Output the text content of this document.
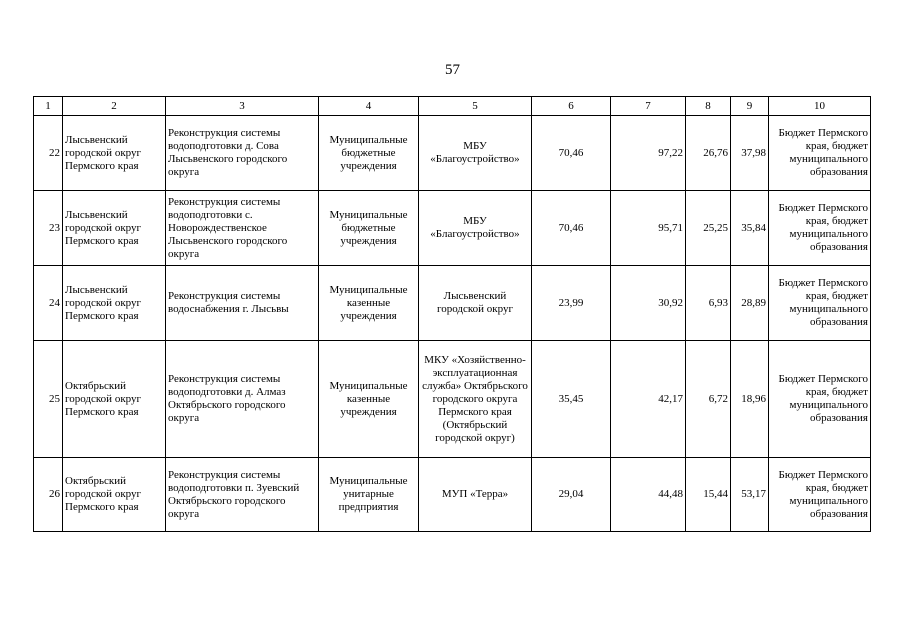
57
1	2	3	4	5	6	7	8	9	10
22	Лысьвенский городской округ Пермского края	Реконструкция системы водоподготовки д. Сова Лысьвенского городского округа	Муниципальные бюджетные учреждения	МБУ «Благоустройство»	70,46	97,22	26,76	37,98	Бюджет Пермского края, бюджет муниципального образования
23	Лысьвенский городской округ Пермского края	Реконструкция системы водоподготовки с. Новорождественское Лысьвенского городского округа	Муниципальные бюджетные учреждения	МБУ «Благоустройство»	70,46	95,71	25,25	35,84	Бюджет Пермского края, бюджет муниципального образования
24	Лысьвенский городской округ Пермского края	Реконструкция системы водоснабжения г. Лысьвы	Муниципальные казенные учреждения	Лысьвенский городской округ	23,99	30,92	6,93	28,89	Бюджет Пермского края, бюджет муниципального образования
25	Октябрьский городской округ Пермского края	Реконструкция системы водоподготовки д. Алмаз Октябрьского городского округа	Муниципальные казенные учреждения	МКУ «Хозяйственно-эксплуатационная служба» Октябрьского городского округа Пермского края (Октябрьский городской округ)	35,45	42,17	6,72	18,96	Бюджет Пермского края, бюджет муниципального образования
26	Октябрьский городской округ Пермского края	Реконструкция системы водоподготовки п. Зуевский Октябрьского городского округа	Муниципальные унитарные предприятия	МУП «Терра»	29,04	44,48	15,44	53,17	Бюджет Пермского края, бюджет муниципального образования
